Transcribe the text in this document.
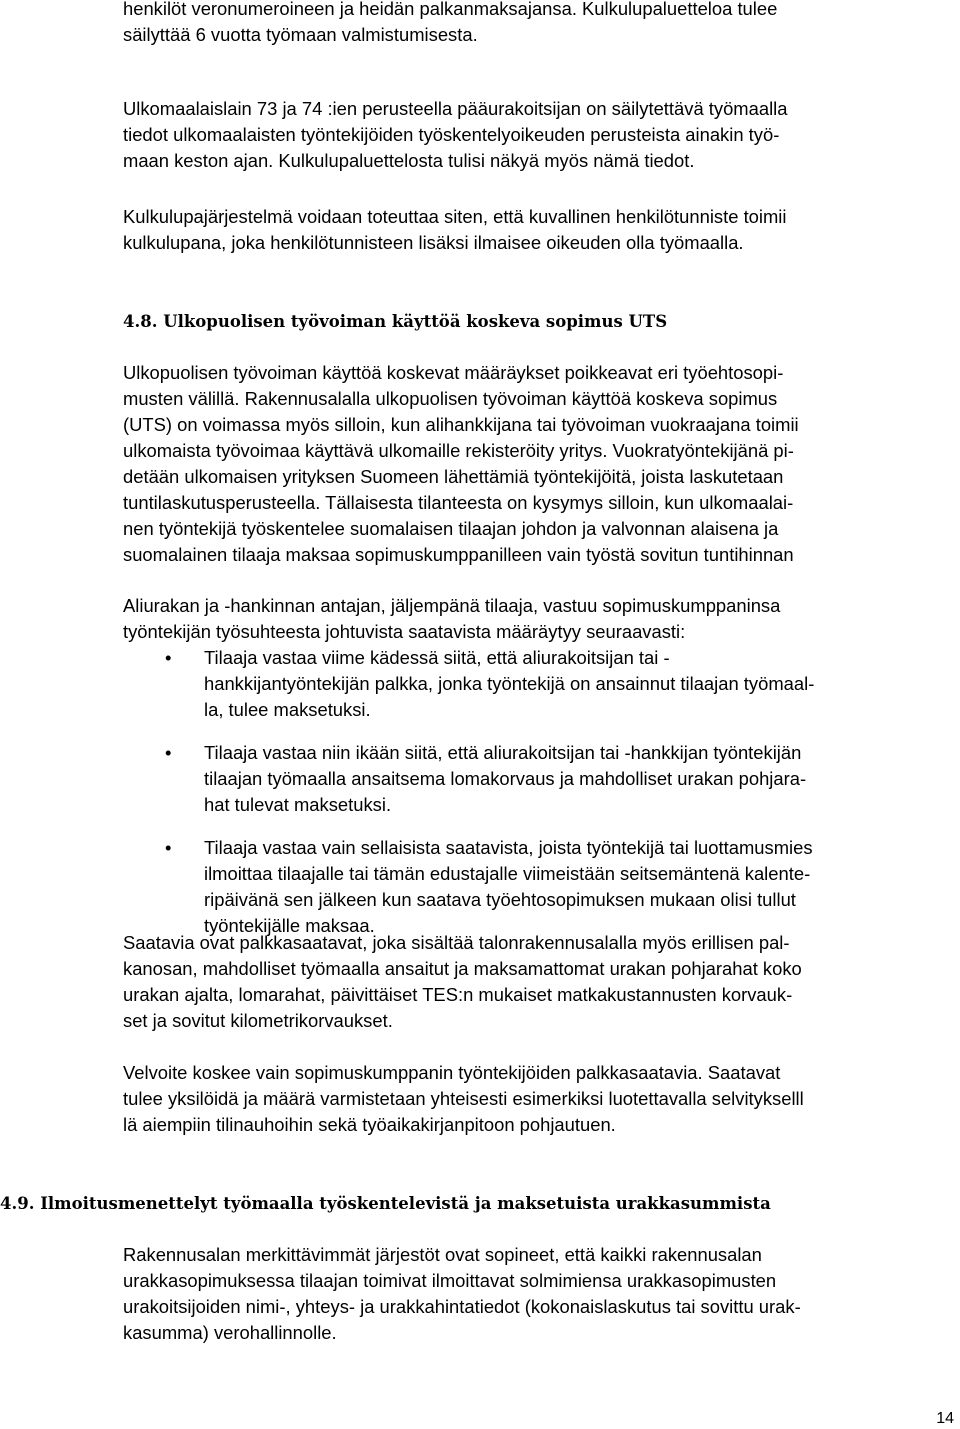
henkilöt veronumeroineen ja heidän palkanmaksajansa. Kulkulupaluetteloa tulee
säilyttää 6 vuotta työmaan valmistumisesta.

Ulkomaalaislain 73 ja 74 :ien perusteella pääurakoitsijan on säilytettävä työmaalla
tiedot ulkomaalaisten työntekijöiden työskentelyoikeuden perusteista ainakin työ-
maan keston ajan. Kulkulupaluettelosta tulisi näkyä myös nämä tiedot.

Kulkulupajärjestelmä voidaan toteuttaa siten, että kuvallinen henkilötunniste toimii
kulkulupana, joka henkilötunnisteen lisäksi ilmaisee oikeuden olla työmaalla.

4.8. Ulkopuolisen työvoiman käyttöä koskeva sopimus UTS

Ulkopuolisen työvoiman käyttöä koskevat määräykset poikkeavat eri työehtosopi-
musten välillä. Rakennusalalla ulkopuolisen työvoiman käyttöä koskeva sopimus
(UTS) on voimassa myös silloin, kun alihankkijana tai työvoiman vuokraajana toimii
ulkomaista työvoimaa käyttävä ulkomaille rekisteröity yritys. Vuokratyöntekijänä pi-
detään ulkomaisen yrityksen Suomeen lähettämiä työntekijöitä, joista laskutetaan
tuntilaskutusperusteella. Tällaisesta tilanteesta on kysymys silloin, kun ulkomaalai-
nen työntekijä työskentelee suomalaisen tilaajan johdon ja valvonnan alaisena ja
suomalainen tilaaja maksaa sopimuskumppanilleen vain työstä sovitun tuntihinnan

Aliurakan ja -hankinnan antajan, jäljempänä tilaaja, vastuu sopimuskumppaninsa
työntekijän työsuhteesta johtuvista saatavista määräytyy seuraavasti:

• Tilaaja vastaa viime kädessä siitä, että aliurakoitsijan tai -
hankkijantyöntekijän palkka, jonka työntekijä on ansainnut tilaajan työmaal-
la, tulee maksetuksi.
• Tilaaja vastaa niin ikään siitä, että aliurakoitsijan tai -hankkijan työntekijän
tilaajan työmaalla ansaitsema lomakorvaus ja mahdolliset urakan pohjara-
hat tulevat maksetuksi.
• Tilaaja vastaa vain sellaisista saatavista, joista työntekijä tai luottamusmies
ilmoittaa tilaajalle tai tämän edustajalle viimeistään seitsemäntenä kalente-
ripäivänä sen jälkeen kun saatava työehtosopimuksen mukaan olisi tullut
työntekijälle maksaa.

Saatavia ovat palkkasaatavat, joka sisältää talonrakennusalalla myös erillisen pal-
kanosan, mahdolliset työmaalla ansaitut ja maksamattomat urakan pohjarahat koko
urakan ajalta, lomarahat, päivittäiset TES:n mukaiset matkakustannusten korvauk-
set ja sovitut kilometrikorvaukset.

Velvoite koskee vain sopimuskumppanin työntekijöiden palkkasaatavia. Saatavat
tulee yksilöidä ja määrä varmistetaan yhteisesti esimerkiksi luotettavalla selvitykselll
lä aiempiin tilinauhoihin sekä työaikakirjanpitoon pohjautuen.

4.9. Ilmoitusmenettelyt työmaalla työskentelevistä ja maksetuista urakkasummista

Rakennusalan merkittävimmät järjestöt ovat sopineet, että kaikki rakennusalan
urakkasopimuksessa tilaajan toimivat ilmoittavat solmimiensa urakkasopimusten
urakoitsijoiden nimi-, yhteys- ja urakkahintatiedot (kokonaislaskutus tai sovittu urak-
kasumma) verohallinnolle.

14
